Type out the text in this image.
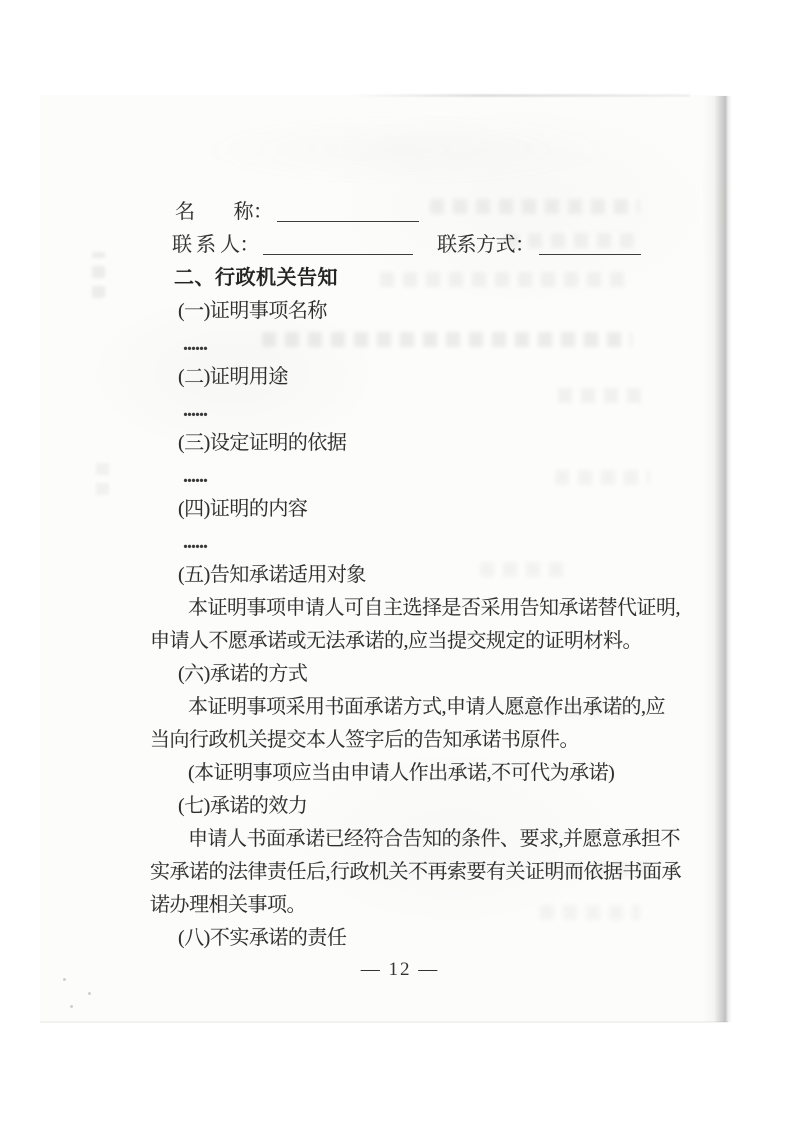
名　　称：
联 系 人：	联系方式：
二、行政机关告知
(一)证明事项名称
......
(二)证明用途
......
(三)设定证明的依据
......
(四)证明的内容
......
(五)告知承诺适用对象
本证明事项申请人可自主选择是否采用告知承诺替代证明,
申请人不愿承诺或无法承诺的,应当提交规定的证明材料。
(六)承诺的方式
本证明事项采用书面承诺方式,申请人愿意作出承诺的,应
当向行政机关提交本人签字后的告知承诺书原件。
(本证明事项应当由申请人作出承诺,不可代为承诺)
(七)承诺的效力
申请人书面承诺已经符合告知的条件、要求,并愿意承担不
实承诺的法律责任后,行政机关不再索要有关证明而依据书面承
诺办理相关事项。
(八)不实承诺的责任
— 12 —
